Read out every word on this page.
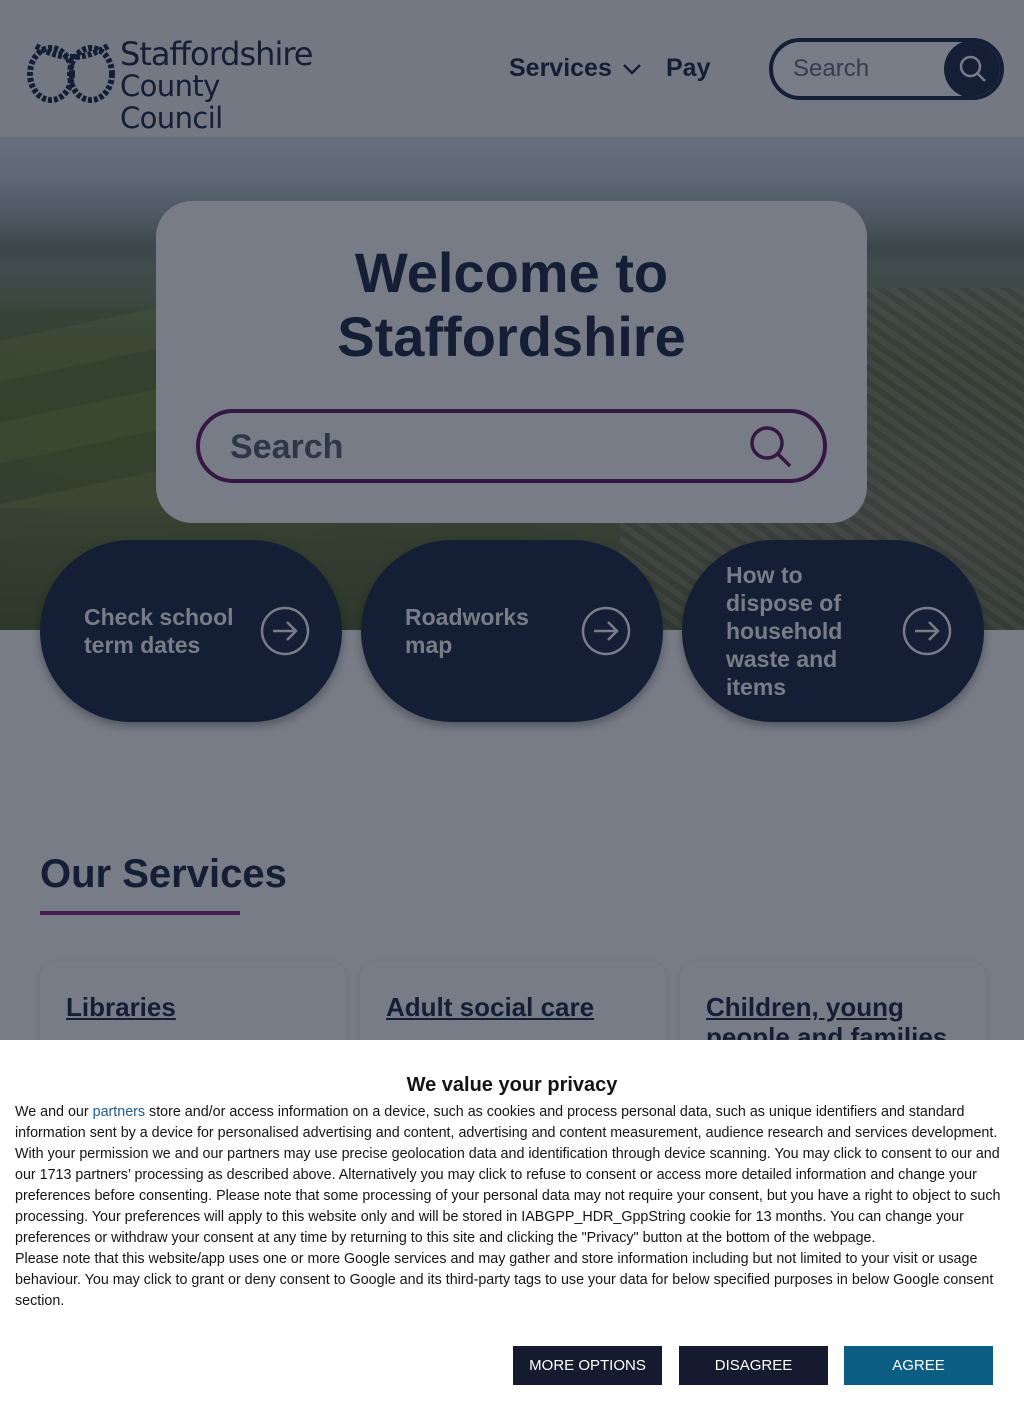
Search
Search
We value your privacy

We and our partners store and/or access information on a device, such as cookies and process personal data, such as unique identifiers and standard information sent by a device for personalised advertising and content, advertising and content measurement, audience research and services development. With your permission we and our partners may use precise geolocation data and identification through device scanning. You may click to consent to our and our 1713 partners’ processing as described above. Alternatively you may click to refuse to consent or access more detailed information and change your preferences before consenting. Please note that some processing of your personal data may not require your consent, but you have a right to object to such processing. Your preferences will apply to this website only and will be stored in IABGPP_HDR_GppString cookie for 13 months. You can change your preferences or withdraw your consent at any time by returning to this site and clicking the "Privacy" button at the bottom of the webpage.

Please note that this website/app uses one or more Google services and may gather and store information including but not limited to your visit or usage behaviour. You may click to grant or deny consent to Google and its third-party tags to use your data for below specified purposes in below Google consent section.

MORE OPTIONS	DISAGREE	AGREE
